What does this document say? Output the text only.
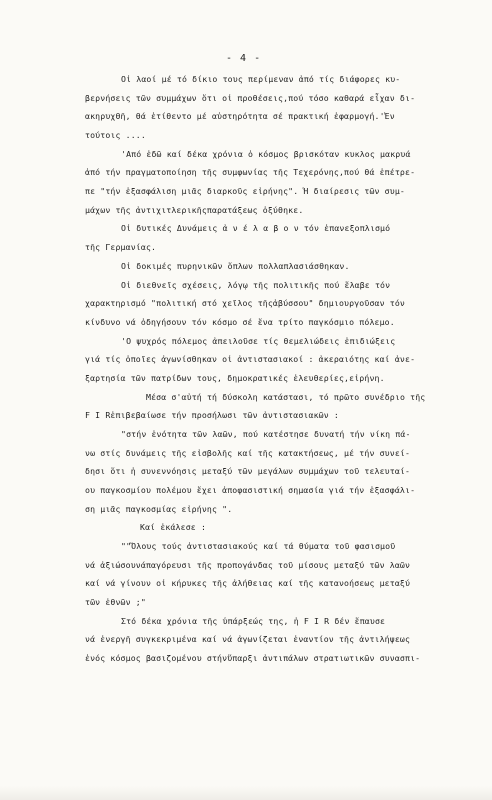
- 4 -
Οἱ λαοί μέ τό δίκιο τους περίμεναν ἀπό τίς διάφορες κυ-
βερνήσεις τῶν συμμάχων ὅτι οἱ προθέσεις,πού τόσο καθαρά εἶχαν δι-
ακηρυχθῆ, θά ἐτίθεντο μέ αὐστηρότητα σέ πρακτική ἐφαρμογή.'Ἐν
τούτοις ....
'Από ἐδῶ καί δέκα χρόνια ὁ κόσμος βρισκόταν κυκλος μακρυά
ἀπό τήν πραγματοποίηση τῆς συμφωνίας τῆς Τεχερόνης,πού θά ἐπέτρε-
πε "τήν ἐξασφάλιση μιᾶς διαρκοῦς εἰρήνης". Ἡ διαίρεσις τῶν συμ-
μάχων τῆς ἀντιχιτλερικῆςπαρατάξεως ὀξύθηκε.
Οἱ δυτικές Δυνάμεις ἀ ν έ λ α β ο ν τόν ἐπανεξοπλισμό
τῆς Γερμανίας.
Οἱ δοκιμές πυρηνικῶν ὅπλων πολλαπλασιάσθηκαν.
Οἱ διεθνεῖς σχέσεις, λόγῳ τῆς πολιτικῆς πού ἔλαβε τόν
χαρακτηρισμό "πολιτική στό χεῖλος τῆςἀβύσσου" δημιουργοῦσαν τόν
κίνδυνο νά ὁδηγήσουν τόν κόσμο σέ ἕνα τρίτο παγκόσμιο πόλεμο.
'Ο ψυχρός πόλεμος ἀπειλοῦσε τίς θεμελιώδεις ἐπιδιώξεις
γιά τίς ὁποῖες ἀγωνίσθηκαν οἱ ἀντιστασιακοί : ἀκεραιότης καί ἀνε-
ξαρτησία τῶν πατρίδων τους, δημοκρατικές ἐλευθερίες,εἰρήνη.
Μέσα σ'αὐτή τή δύσκολη κατάστασι, τό πρῶτο συνέδριο τῆς
F I Rἐπιβεβαίωσε τήν προσήλωσι τῶν ἀντιστασιακῶν :
"στήν ἑνότητα τῶν λαῶν, πού κατέστησε δυνατή τήν νίκη πά-
νω στίς δυνάμεις τῆς εἰσβολῆς καί τῆς κατακτήσεως, μέ τήν συνεί-
δησι ὅτι ἡ συνεννόησις μεταξύ τῶν μεγάλων συμμάχων τοῦ τελευταί-
ου παγκοσμίου πολέμου ἔχει ἀποφασιστική σημασία γιά τήν ἐξασφάλι-
ση μιᾶς παγκοσμίας εἰρήνης ".
Καί ἐκάλεσε :
""Ὅλους τούς ἀντιστασιακούς καί τά θύματα τοῦ φασισμοῦ
νά ἀξιώσουνάπαγόρευσι τῆς προπογάνδας τοῦ μίσους μεταξύ τῶν λαῶν
καί νά γίνουν οἱ κήρυκες τῆς ἀλήθειας καί τῆς κατανοήσεως μεταξύ
τῶν ἐθνῶν ;"
Στό δέκα χρόνια τῆς ὑπάρξεώς της, ἡ F I R δέν ἔπαυσε
νά ἐνεργῆ συγκεκριμένα καί νά ἀγωνίζεται ἐναντίον τῆς ἀντιλήψεως
ἑνός κόσμος βασιζομένου στήνὕπαρξι ἀντιπάλων στρατιωτικῶν συνασπι-
